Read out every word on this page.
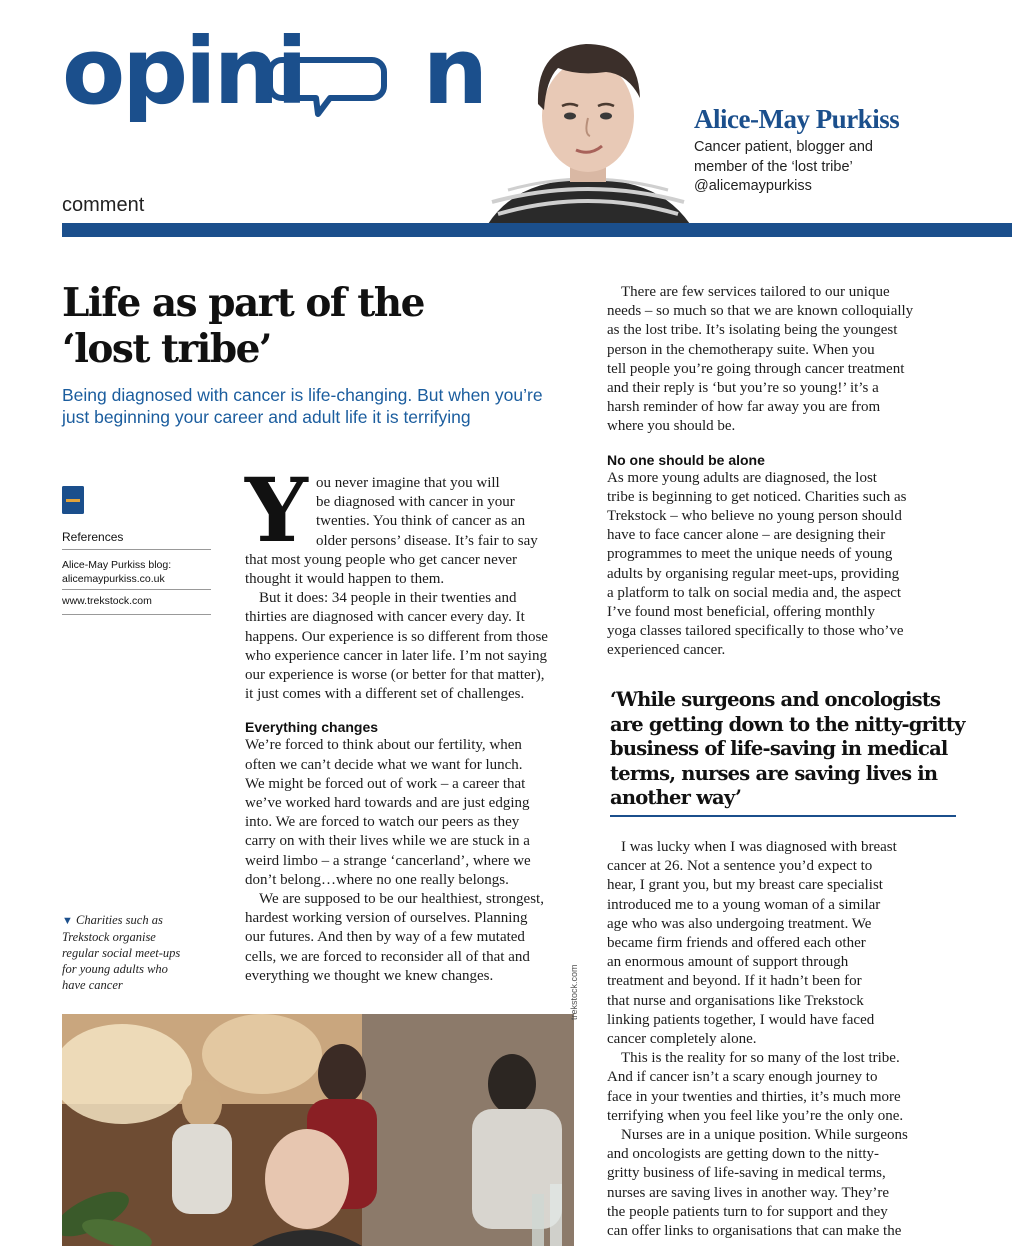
opini n
comment
Alice-May Purkiss
Cancer patient, blogger and
member of the ‘lost tribe’
@alicemaypurkiss
Life as part of the
‘lost tribe’
Being diagnosed with cancer is life-changing. But when you’re
just beginning your career and adult life it is terrifying
References
Alice-May Purkiss blog:
alicemaypurkiss.co.uk
www.trekstock.com
▼ Charities such as
Trekstock organise
regular social meet-ups
for young adults who
have cancer
Y ou never imagine that you will
be diagnosed with cancer in your
twenties. You think of cancer as an
older persons’ disease. It’s fair to say
that most young people who get cancer never
thought it would happen to them.
But it does: 34 people in their twenties and
thirties are diagnosed with cancer every day. It
happens. Our experience is so different from those
who experience cancer in later life. I’m not saying
our experience is worse (or better for that matter),
it just comes with a different set of challenges.
Everything changes
We’re forced to think about our fertility, when
often we can’t decide what we want for lunch.
We might be forced out of work – a career that
we’ve worked hard towards and are just edging
into. We are forced to watch our peers as they
carry on with their lives while we are stuck in a
weird limbo – a strange ‘cancerland’, where we
don’t belong…where no one really belongs.
We are supposed to be our healthiest, strongest,
hardest working version of ourselves. Planning
our futures. And then by way of a few mutated
cells, we are forced to reconsider all of that and
everything we thought we knew changes.
There are few services tailored to our unique
needs – so much so that we are known colloquially
as the lost tribe. It’s isolating being the youngest
person in the chemotherapy suite. When you
tell people you’re going through cancer treatment
and their reply is ‘but you’re so young!’ it’s a
harsh reminder of how far away you are from
where you should be.
No one should be alone
As more young adults are diagnosed, the lost
tribe is beginning to get noticed. Charities such as
Trekstock – who believe no young person should
have to face cancer alone – are designing their
programmes to meet the unique needs of young
adults by organising regular meet-ups, providing
a platform to talk on social media and, the aspect
I’ve found most beneficial, offering monthly
yoga classes tailored specifically to those who’ve
experienced cancer.
‘While surgeons and oncologists
are getting down to the nitty-gritty
business of life-saving in medical
terms, nurses are saving lives in
another way’
I was lucky when I was diagnosed with breast
cancer at 26. Not a sentence you’d expect to
hear, I grant you, but my breast care specialist
introduced me to a young woman of a similar
age who was also undergoing treatment. We
became firm friends and offered each other
an enormous amount of support through
treatment and beyond. If it hadn’t been for
that nurse and organisations like Trekstock
linking patients together, I would have faced
cancer completely alone.
This is the reality for so many of the lost tribe.
And if cancer isn’t a scary enough journey to
face in your twenties and thirties, it’s much more
terrifying when you feel like you’re the only one.
Nurses are in a unique position. While surgeons
and oncologists are getting down to the nitty-
gritty business of life-saving in medical terms,
nurses are saving lives in another way. They’re
the people patients turn to for support and they
can offer links to organisations that can make the
trekstock.com
